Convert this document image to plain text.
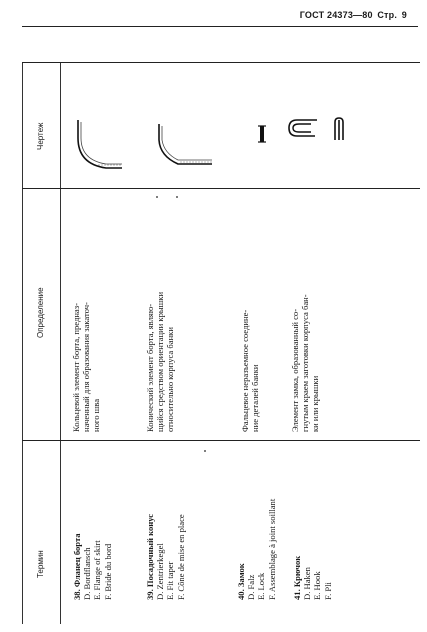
ГОСТ 24373—80 Стр. 9
Чертеж
Определение
Термин	38. Фланец борта D. Bordflansch E. Flange of skirt F. Bride du bord
Кольцевой элемент борта, предназ- наченный для образования закаточ- ного шва
39. Посадочный конус D. Zentrierkegel E. Fit taper F. Cône de mise en place
Конический элемент борта, являю- щийся средством ориентации крышки относительно корпуса банки
40. Замок D. Falz E. Lock F. Assemblage à joint soillant
Фальцевое неразъемное соедине- ние деталей банки
41. Крючок D. Haken E. Hook F. Pli
Элемент замка, образованный со- гнутым краем заготовки корпуса бан- ки или крышки
